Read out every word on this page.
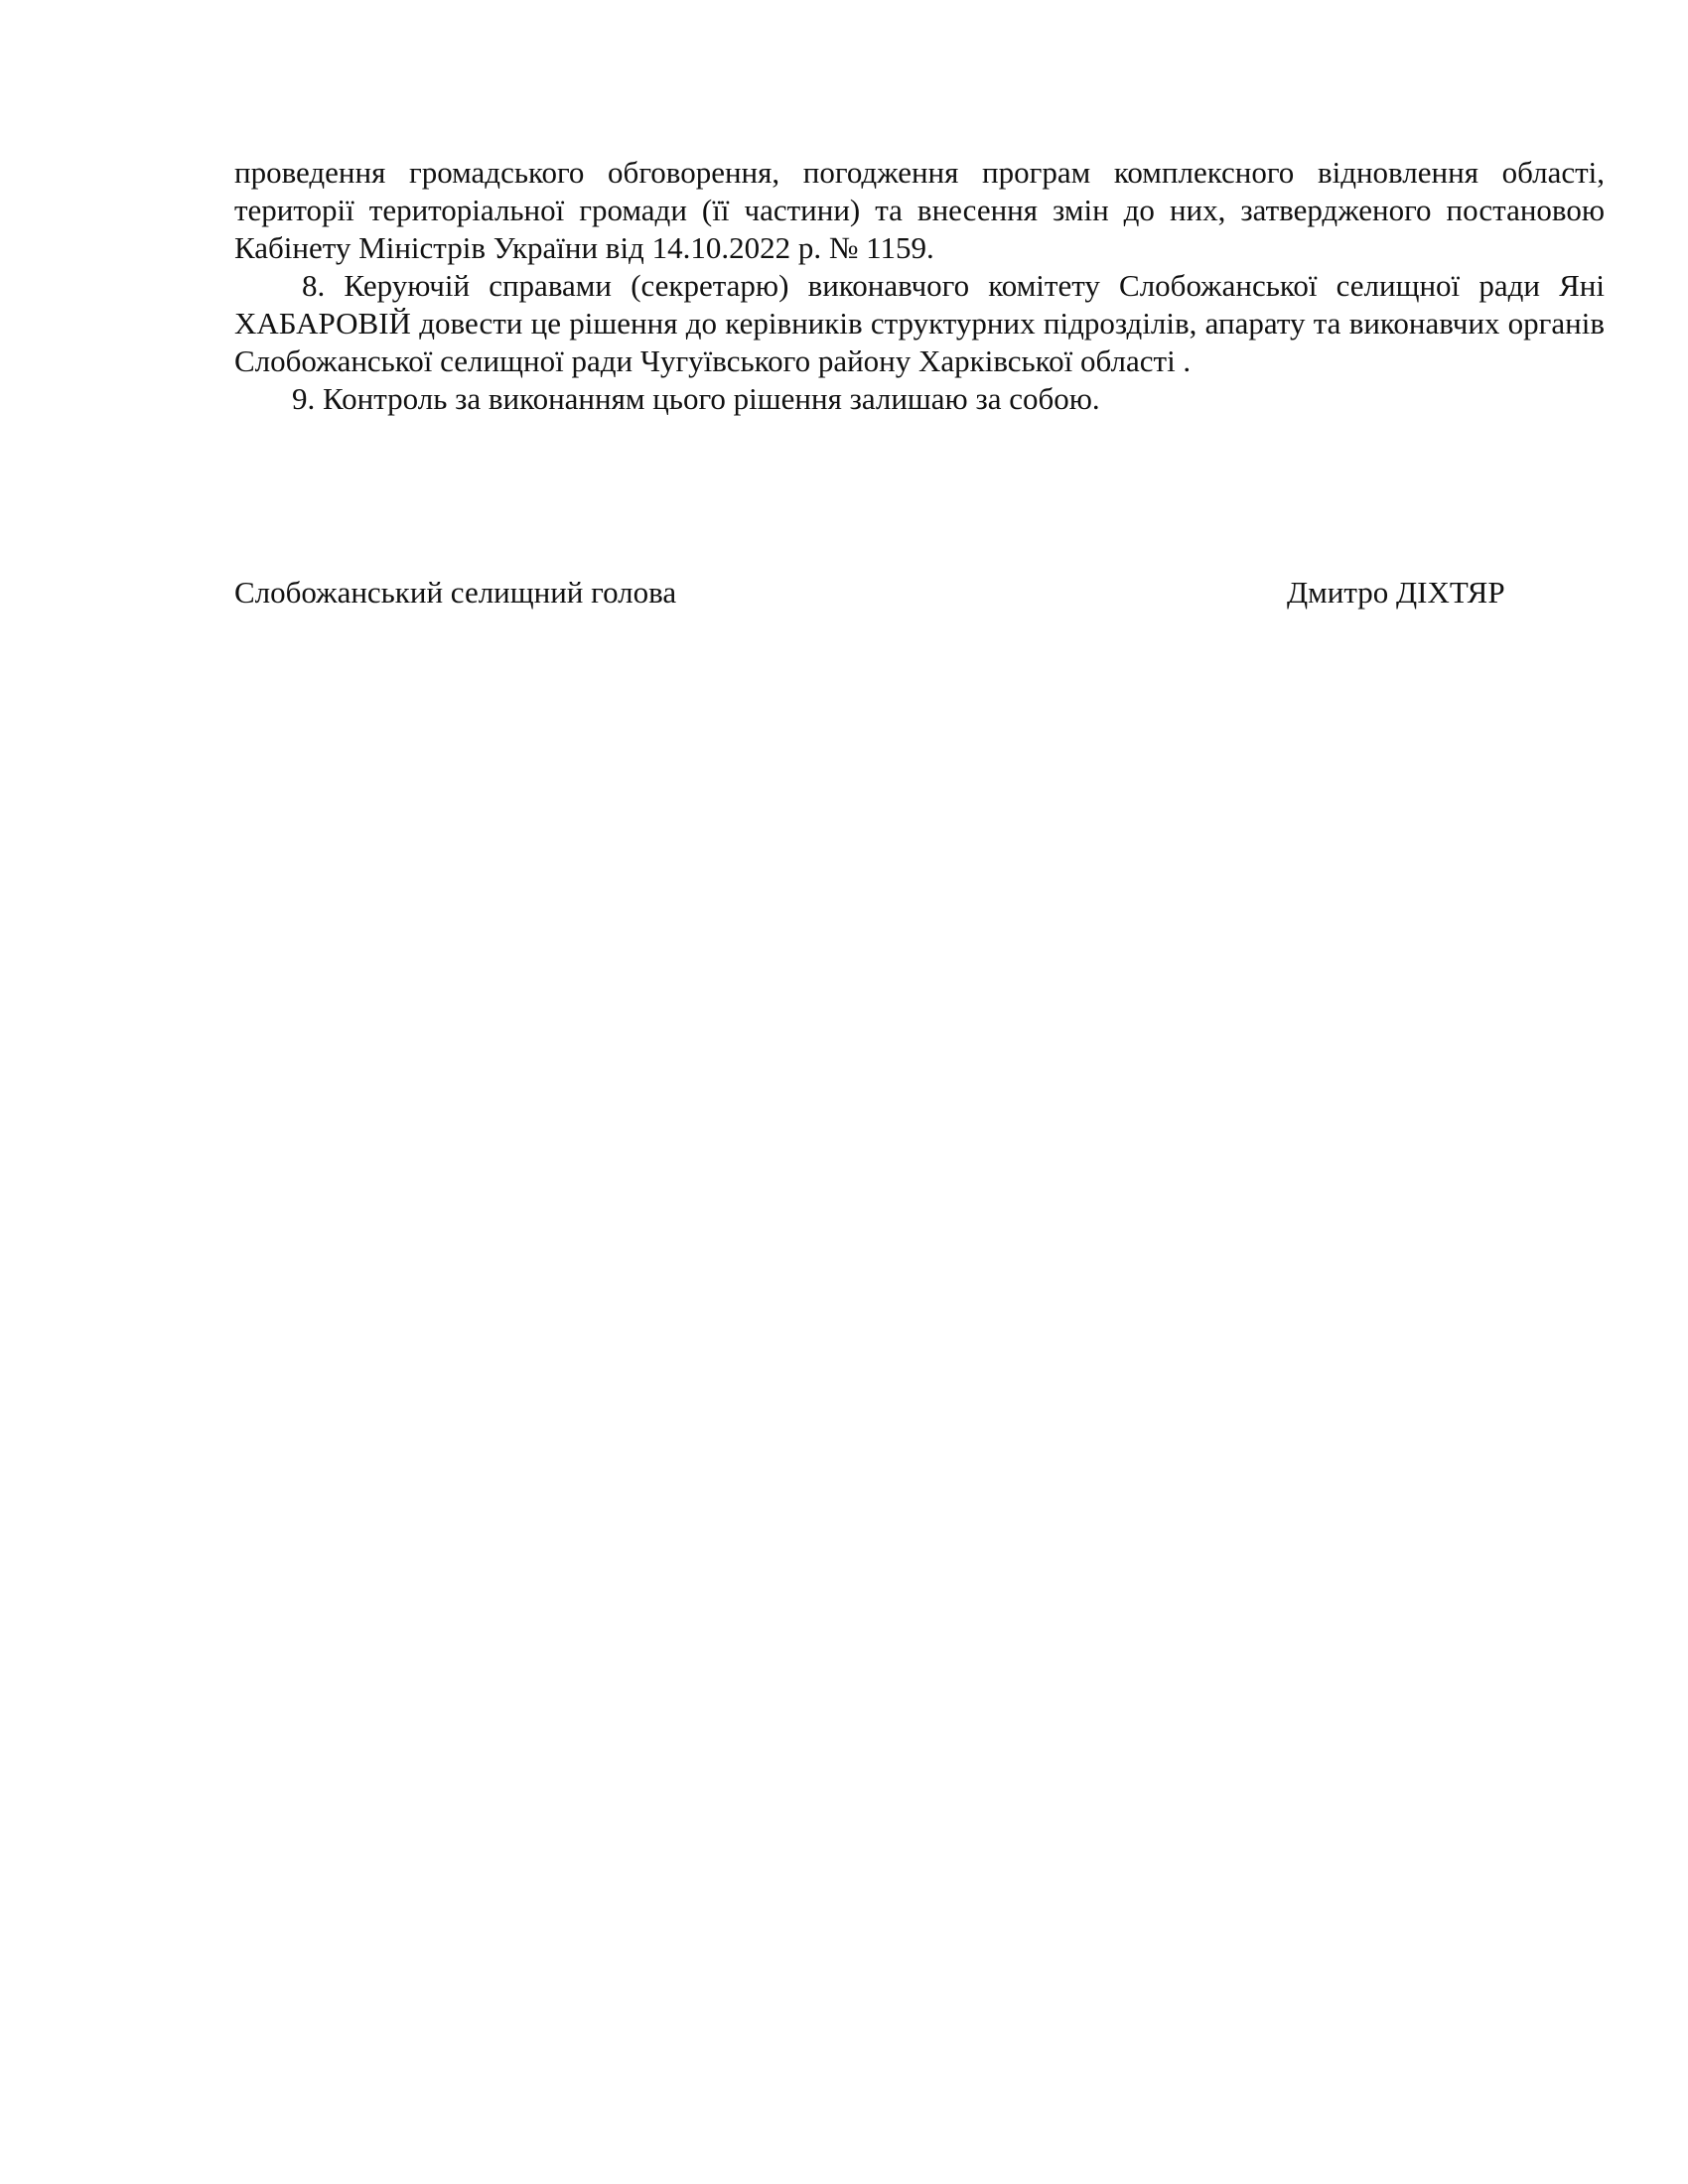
проведення громадського обговорення, погодження програм комплексного відновлення області, території територіальної громади (її частини) та внесення змін до них, затвердженого постановою Кабінету Міністрів України від 14.10.2022 р. № 1159.

8. Керуючій справами (секретарю) виконавчого комітету Слобожанської селищної ради Яні ХАБАРОВІЙ довести це рішення до керівників структурних підрозділів, апарату та виконавчих органів Слобожанської селищної ради Чугуївського району Харківської області .

9. Контроль за виконанням цього рішення залишаю за собою.

Слобожанський селищний голова	Дмитро ДІХТЯР
